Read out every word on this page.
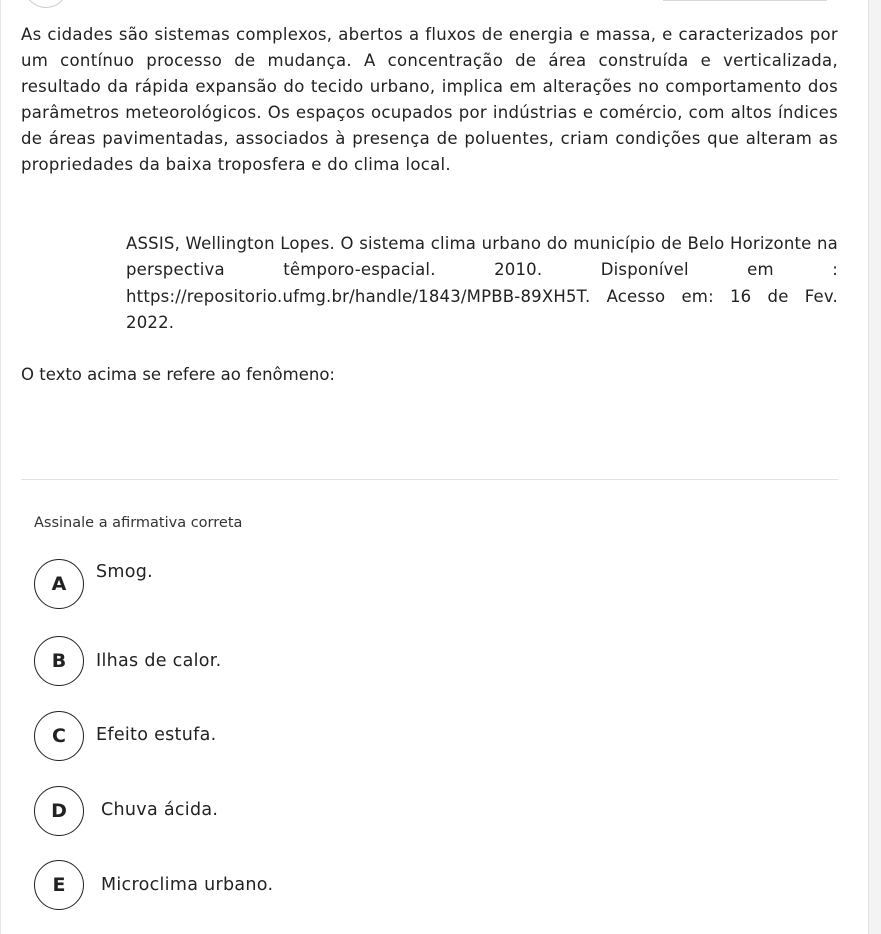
As cidades são sistemas complexos, abertos a fluxos de energia e massa, e caracterizados por um contínuo processo de mudança. A concentração de área construída e verticalizada, resultado da rápida expansão do tecido urbano, implica em alterações no comportamento dos parâmetros meteorológicos. Os espaços ocupados por indústrias e comércio, com altos índices de áreas pavimentadas, associados à presença de poluentes, criam condições que alteram as propriedades da baixa troposfera e do clima local.

ASSIS, Wellington Lopes. O sistema clima urbano do município de Belo Horizonte na perspectiva têmporo-espacial. 2010. Disponível em : https://repositorio.ufmg.br/handle/1843/MPBB-89XH5T. Acesso em: 16 de Fev. 2022.

O texto acima se refere ao fenômeno:

Assinale a afirmativa correta

A
Smog.
B	Ilhas de calor.
C	Efeito estufa.
D	Chuva ácida.
E	Microclima urbano.
